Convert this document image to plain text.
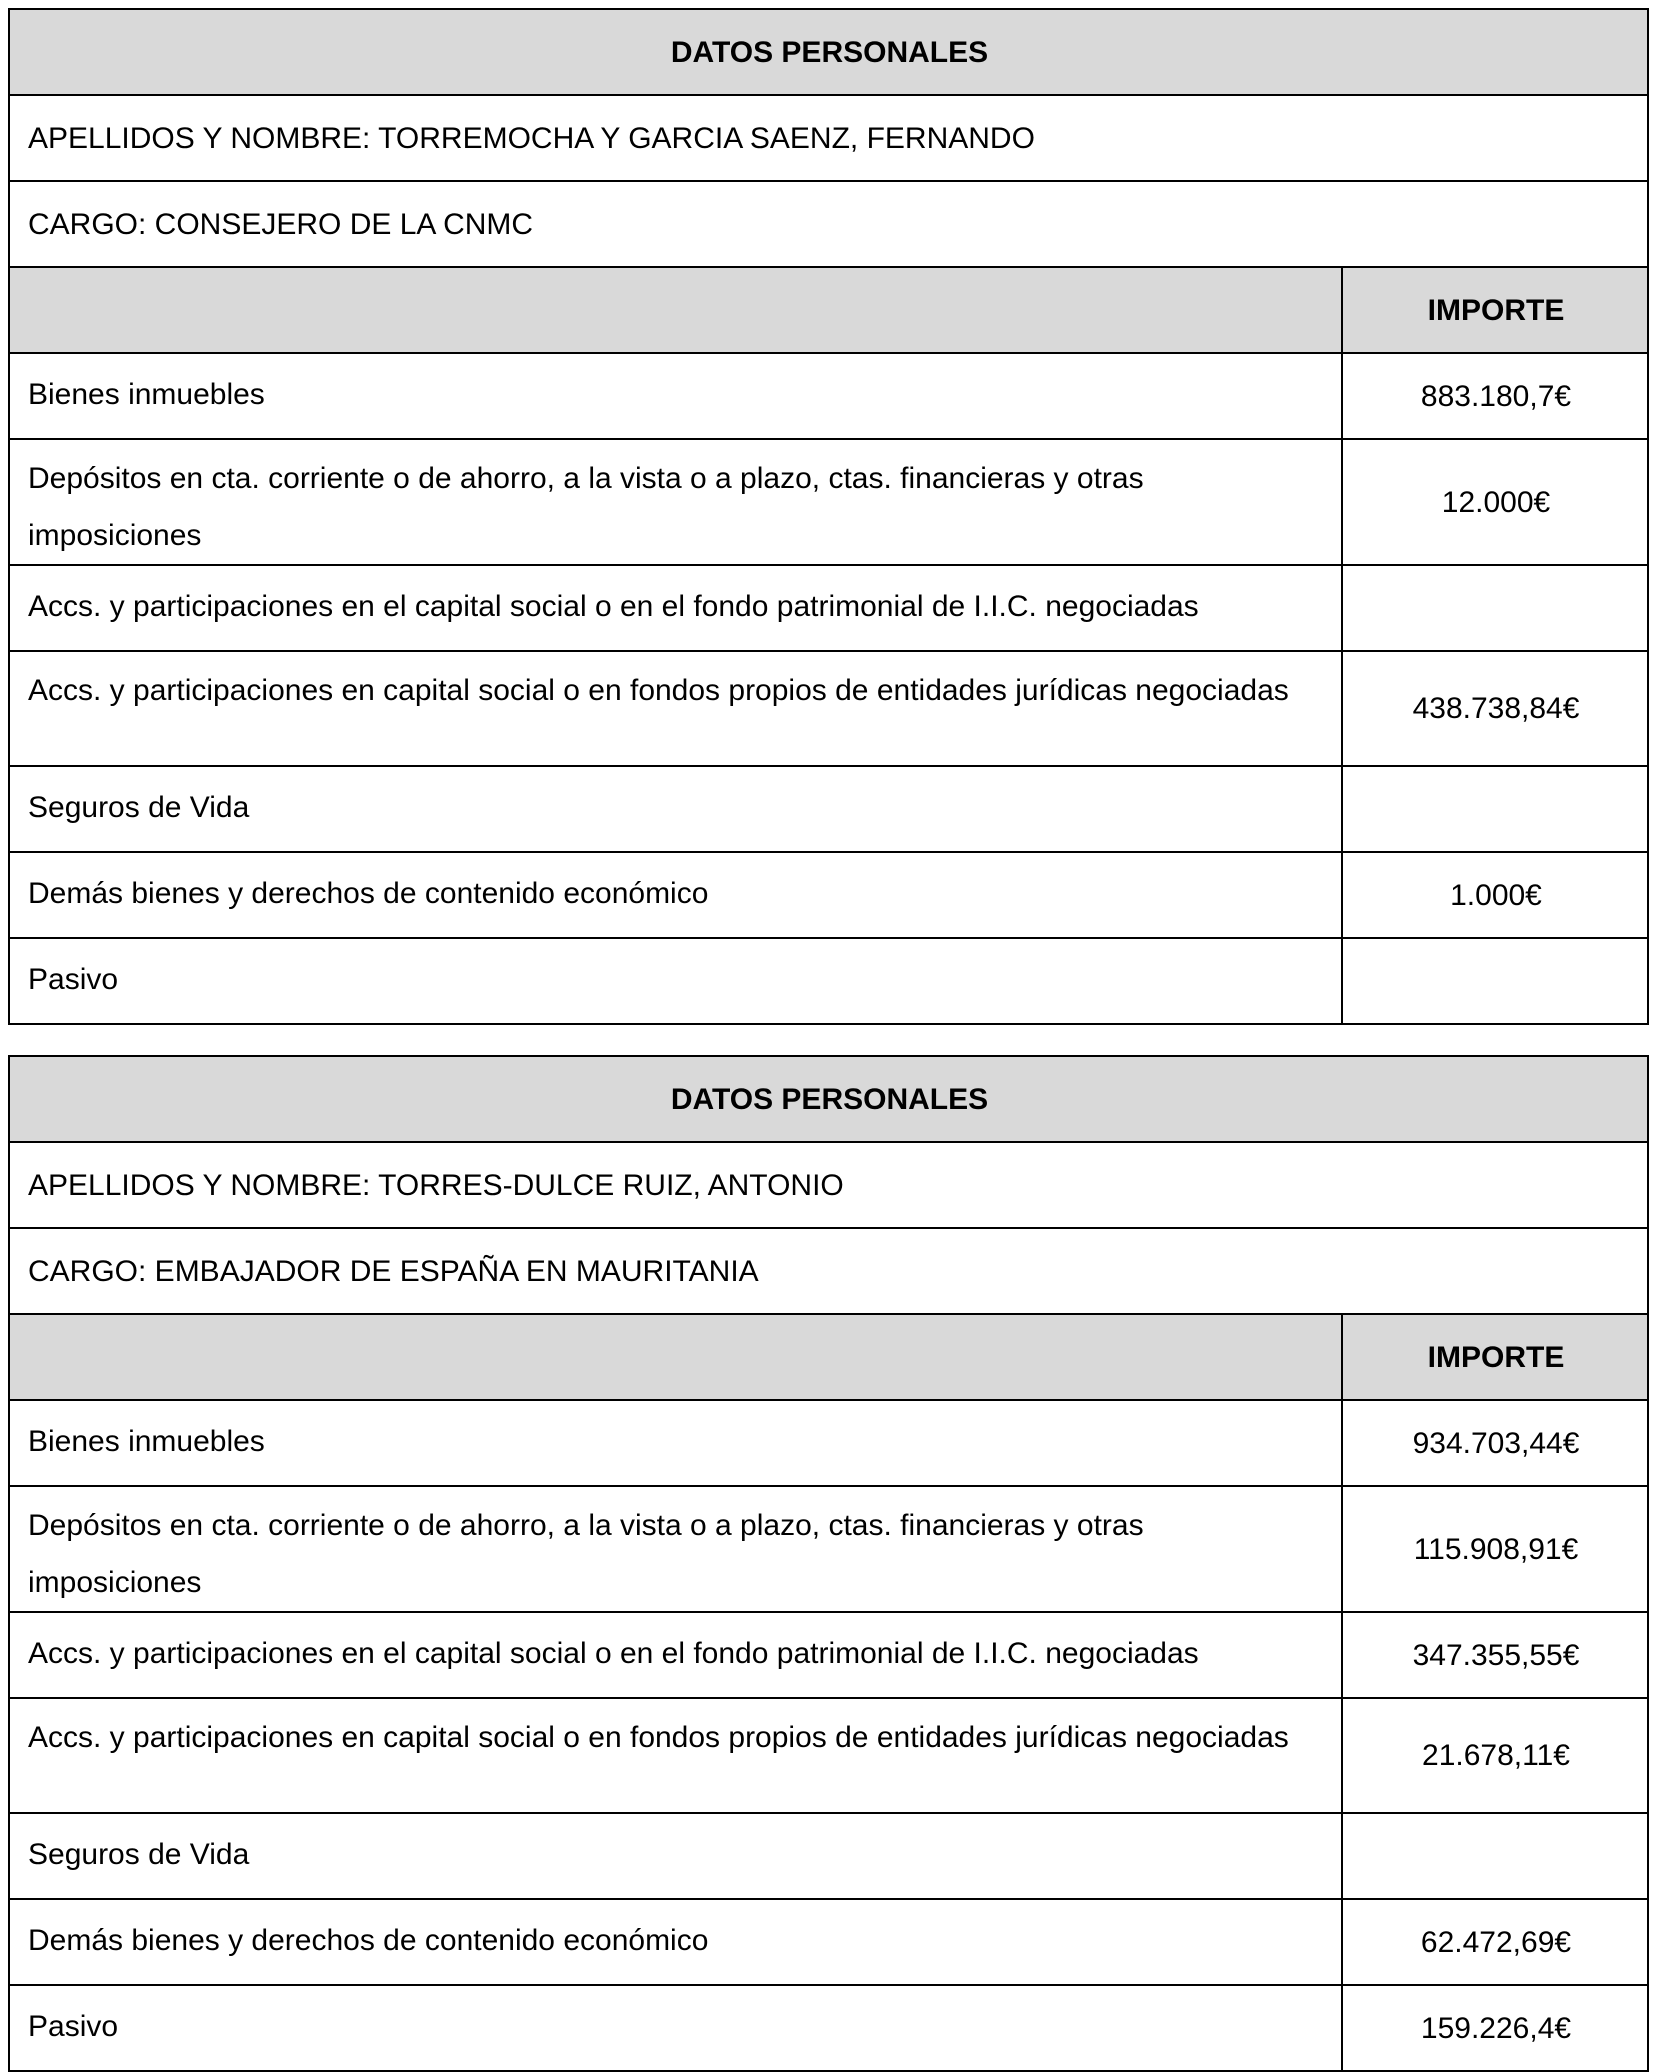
DATOS PERSONALES	
APELLIDOS Y NOMBRE: TORREMOCHA Y GARCIA SAENZ, FERNANDO	
CARGO: CONSEJERO DE LA CNMC	
	IMPORTE
Bienes inmuebles	883.180,7€
Depósitos en cta. corriente o de ahorro, a la vista o a plazo, ctas. financieras y otras imposiciones	12.000€
Accs. y participaciones en el capital social o en el fondo patrimonial de I.I.C. negociadas	
Accs. y participaciones en capital social o en fondos propios de entidades jurídicas negociadas	438.738,84€
Seguros de Vida	
Demás bienes y derechos de contenido económico	1.000€
Pasivo	
DATOS PERSONALES	
APELLIDOS Y NOMBRE: TORRES-DULCE RUIZ, ANTONIO	
CARGO: EMBAJADOR DE ESPAÑA EN MAURITANIA	
	IMPORTE
Bienes inmuebles	934.703,44€
Depósitos en cta. corriente o de ahorro, a la vista o a plazo, ctas. financieras y otras imposiciones	115.908,91€
Accs. y participaciones en el capital social o en el fondo patrimonial de I.I.C. negociadas	347.355,55€
Accs. y participaciones en capital social o en fondos propios de entidades jurídicas negociadas	21.678,11€
Seguros de Vida	
Demás bienes y derechos de contenido económico	62.472,69€
Pasivo	159.226,4€
